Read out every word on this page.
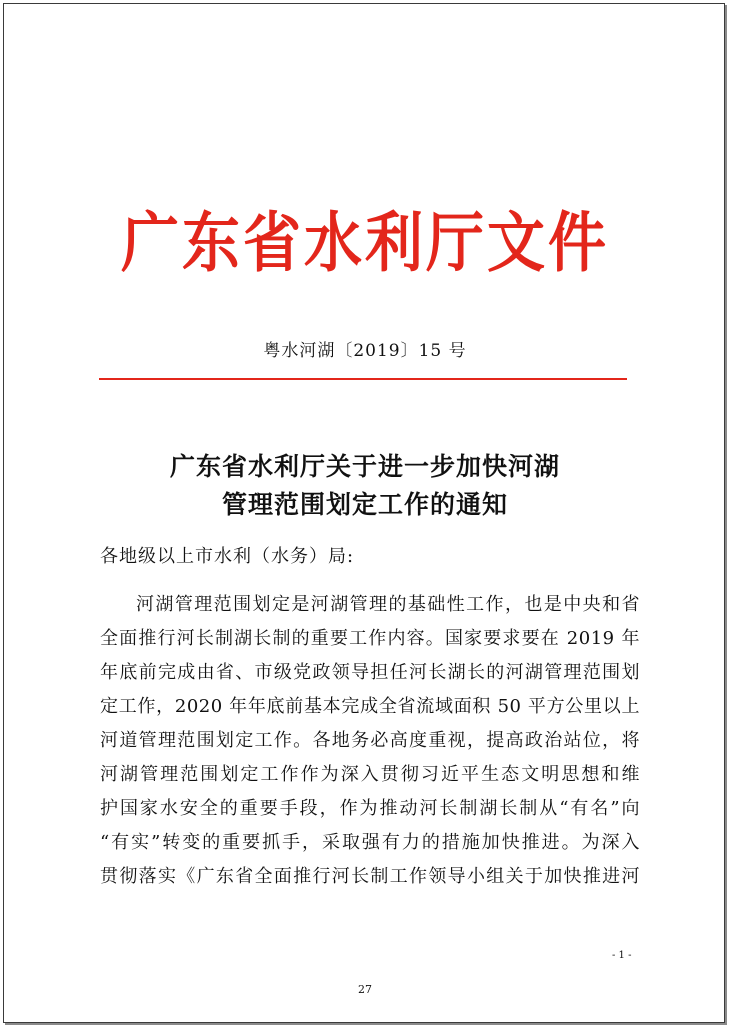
广东省水利厅文件
粤水河湖〔2019〕15 号
广东省水利厅关于进一步加快河湖
管理范围划定工作的通知
各地级以上市水利（水务）局:
河湖管理范围划定是河湖管理的基础性工作，也是中央和省
全面推行河长制湖长制的重要工作内容。国家要求要在 2019 年
年底前完成由省、市级党政领导担任河长湖长的河湖管理范围划
定工作，2020 年年底前基本完成全省流域面积 50 平方公里以上
河道管理范围划定工作。各地务必高度重视，提高政治站位，将
河湖管理范围划定工作作为深入贯彻习近平生态文明思想和维
护国家水安全的重要手段，作为推动河长制湖长制从“有名”向
“有实”转变的重要抓手，采取强有力的措施加快推进。为深入
贯彻落实《广东省全面推行河长制工作领导小组关于加快推进河
- 1 -
27
